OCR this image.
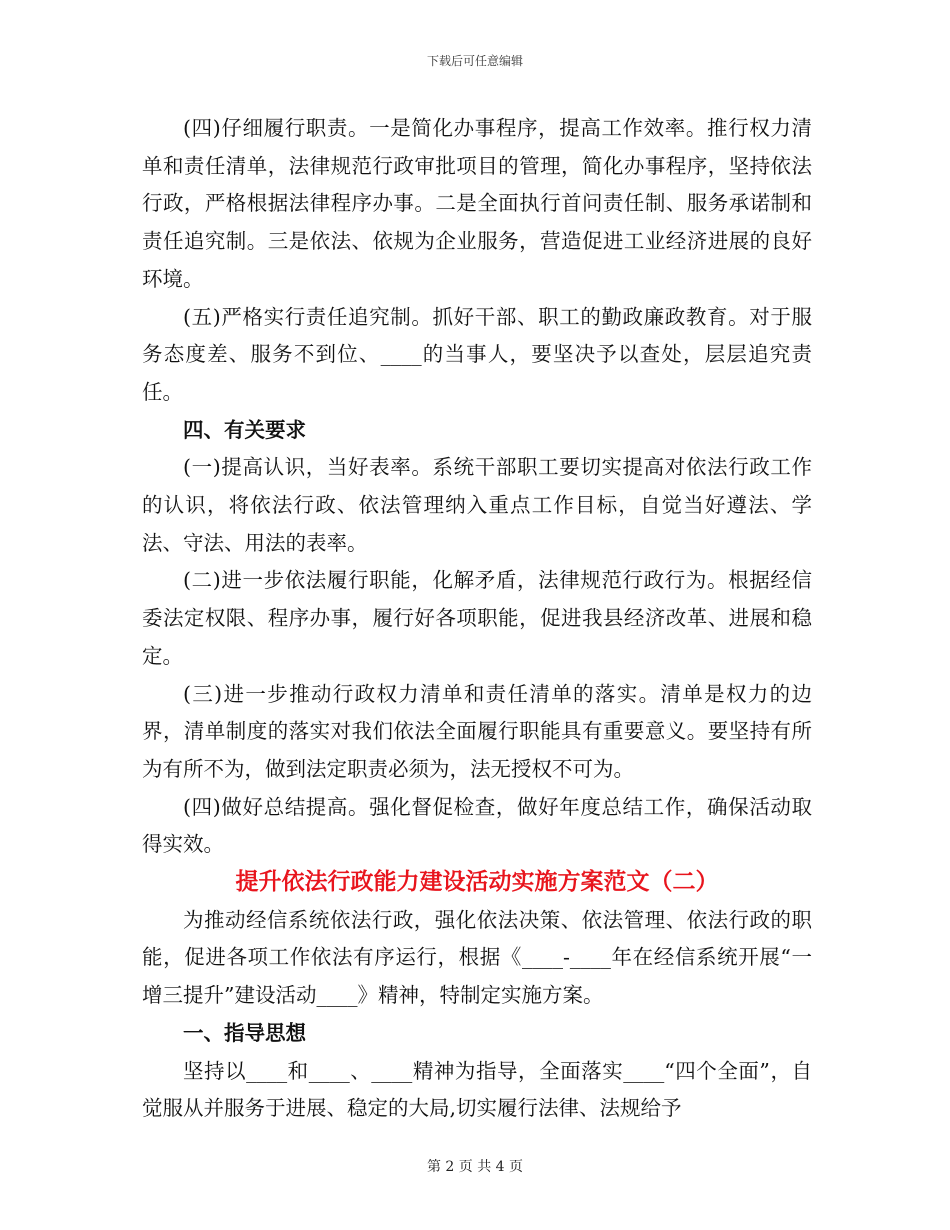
下载后可任意编辑

(四)仔细履行职责。一是简化办事程序，提高工作效率。推行权力清单和责任清单，法律规范行政审批项目的管理，简化办事程序，坚持依法行政，严格根据法律程序办事。二是全面执行首问责任制、服务承诺制和责任追究制。三是依法、依规为企业服务，营造促进工业经济进展的良好环境。

(五)严格实行责任追究制。抓好干部、职工的勤政廉政教育。对于服务态度差、服务不到位、____的当事人，要坚决予以查处，层层追究责任。

四、有关要求

(一)提高认识，当好表率。系统干部职工要切实提高对依法行政工作的认识，将依法行政、依法管理纳入重点工作目标，自觉当好遵法、学法、守法、用法的表率。

(二)进一步依法履行职能，化解矛盾，法律规范行政行为。根据经信委法定权限、程序办事，履行好各项职能，促进我县经济改革、进展和稳定。

(三)进一步推动行政权力清单和责任清单的落实。清单是权力的边界，清单制度的落实对我们依法全面履行职能具有重要意义。要坚持有所为有所不为，做到法定职责必须为，法无授权不可为。

(四)做好总结提高。强化督促检查，做好年度总结工作，确保活动取得实效。

提升依法行政能力建设活动实施方案范文（二）

为推动经信系统依法行政，强化依法决策、依法管理、依法行政的职能，促进各项工作依法有序运行，根据《____-____年在经信系统开展“一增三提升”建设活动____》精神，特制定实施方案。

一、指导思想

坚持以____和____、____精神为指导，全面落实____“四个全面”，自觉服从并服务于进展、稳定的大局,切实履行法律、法规给予

第 2 页 共 4 页
